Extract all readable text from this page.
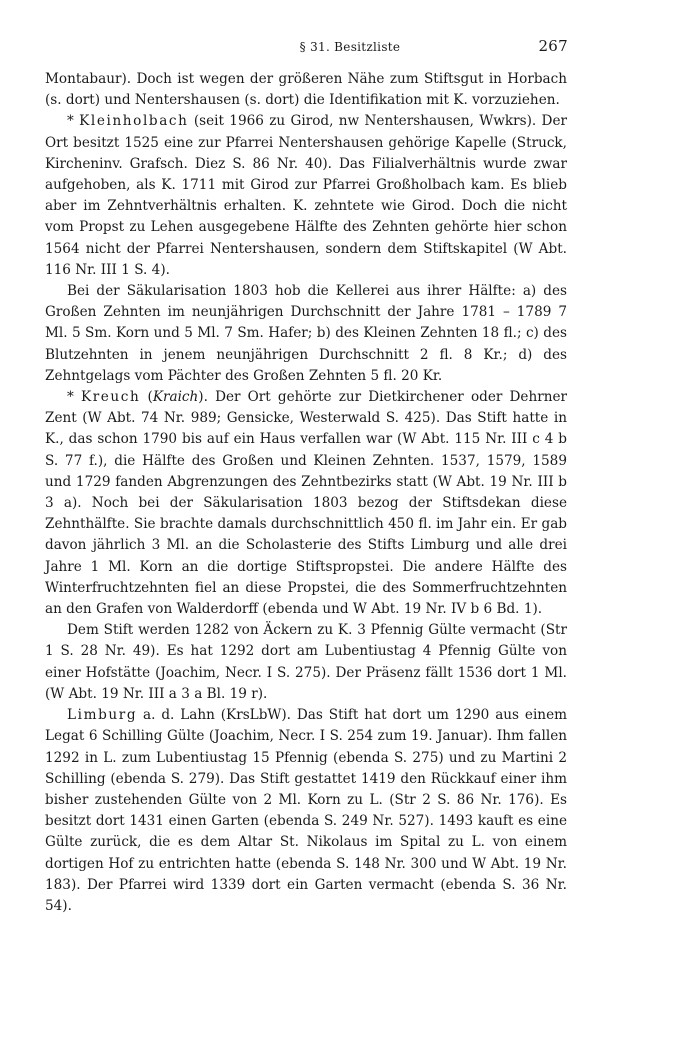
§ 31. Besitzliste	267

Montabaur). Doch ist wegen der größeren Nähe zum Stiftsgut in Horbach (s. dort) und Nentershausen (s. dort) die Identifikation mit K. vorzuziehen.

* Kleinholbach (seit 1966 zu Girod, nw Nentershausen, Wwkrs). Der Ort besitzt 1525 eine zur Pfarrei Nentershausen gehörige Kapelle (Struck, Kircheninv. Grafsch. Diez S. 86 Nr. 40). Das Filialverhältnis wurde zwar aufgehoben, als K. 1711 mit Girod zur Pfarrei Großholbach kam. Es blieb aber im Zehntverhältnis erhalten. K. zehntete wie Girod. Doch die nicht vom Propst zu Lehen ausgegebene Hälfte des Zehnten gehörte hier schon 1564 nicht der Pfarrei Nentershausen, sondern dem Stiftskapitel (W Abt. 116 Nr. III 1 S. 4).

Bei der Säkularisation 1803 hob die Kellerei aus ihrer Hälfte: a) des Großen Zehnten im neunjährigen Durchschnitt der Jahre 1781 – 1789 7 Ml. 5 Sm. Korn und 5 Ml. 7 Sm. Hafer; b) des Kleinen Zehnten 18 fl.; c) des Blutzehnten in jenem neunjährigen Durchschnitt 2 fl. 8 Kr.; d) des Zehntgelags vom Pächter des Großen Zehnten 5 fl. 20 Kr.

* Kreuch (Kraich). Der Ort gehörte zur Dietkirchener oder Dehrner Zent (W Abt. 74 Nr. 989; Gensicke, Westerwald S. 425). Das Stift hatte in K., das schon 1790 bis auf ein Haus verfallen war (W Abt. 115 Nr. III c 4 b S. 77 f.), die Hälfte des Großen und Kleinen Zehnten. 1537, 1579, 1589 und 1729 fanden Abgrenzungen des Zehntbezirks statt (W Abt. 19 Nr. III b 3 a). Noch bei der Säkularisation 1803 bezog der Stiftsdekan diese Zehnthälfte. Sie brachte damals durchschnittlich 450 fl. im Jahr ein. Er gab davon jährlich 3 Ml. an die Scholasterie des Stifts Limburg und alle drei Jahre 1 Ml. Korn an die dortige Stiftspropstei. Die andere Hälfte des Winterfruchtzehnten fiel an diese Propstei, die des Sommerfruchtzehnten an den Grafen von Walderdorff (ebenda und W Abt. 19 Nr. IV b 6 Bd. 1).

Dem Stift werden 1282 von Äckern zu K. 3 Pfennig Gülte vermacht (Str 1 S. 28 Nr. 49). Es hat 1292 dort am Lubentiustag 4 Pfennig Gülte von einer Hofstätte (Joachim, Necr. I S. 275). Der Präsenz fällt 1536 dort 1 Ml. (W Abt. 19 Nr. III a 3 a Bl. 19 r).

Limburg a. d. Lahn (KrsLbW). Das Stift hat dort um 1290 aus einem Legat 6 Schilling Gülte (Joachim, Necr. I S. 254 zum 19. Januar). Ihm fallen 1292 in L. zum Lubentiustag 15 Pfennig (ebenda S. 275) und zu Martini 2 Schilling (ebenda S. 279). Das Stift gestattet 1419 den Rückkauf einer ihm bisher zustehenden Gülte von 2 Ml. Korn zu L. (Str 2 S. 86 Nr. 176). Es besitzt dort 1431 einen Garten (ebenda S. 249 Nr. 527). 1493 kauft es eine Gülte zurück, die es dem Altar St. Nikolaus im Spital zu L. von einem dortigen Hof zu entrichten hatte (ebenda S. 148 Nr. 300 und W Abt. 19 Nr. 183). Der Pfarrei wird 1339 dort ein Garten vermacht (ebenda S. 36 Nr. 54).
